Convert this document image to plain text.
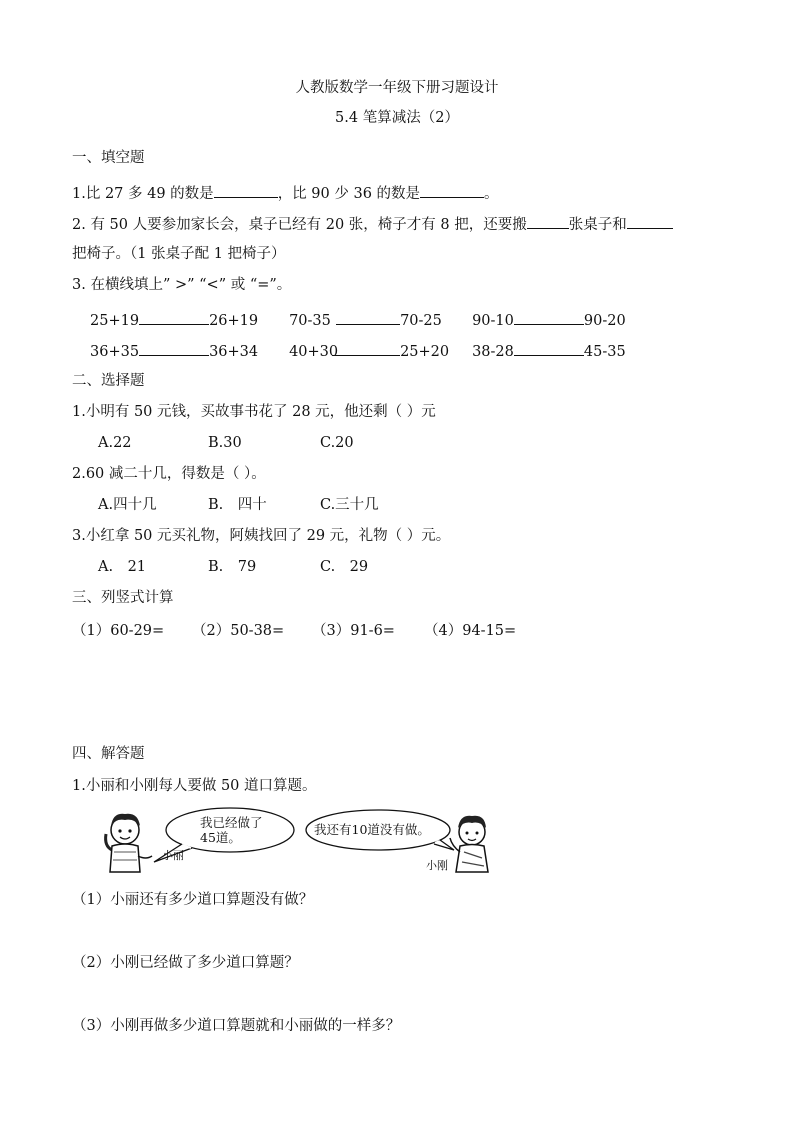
人教版数学一年级下册习题设计
5.4 笔算减法（2）
一、填空题
1.比 27 多 49 的数是	，比 90 少 36 的数是	。
2. 有 50 人要参加家长会，桌子已经有 20 张，椅子才有 8 把，还要搬	张桌子和
把椅子。（1 张桌子配 1 把椅子）
3. 在横线填上” >” “<” 或 “=”。
25+19	26+19 70-35	70-25 90-10	90-20
36+35	36+34 40+30	25+20 38-28	45-35
二、选择题
1.小明有 50 元钱，买故事书花了 28 元，他还剩（ ）元
A.22	B.30	C.20
2.60 减二十几，得数是（ ）。
A.四十几	B.　四十	C.三十几
3.小红拿 50 元买礼物，阿姨找回了 29 元，礼物（ ）元。
A.　21	B.　79	C.　29
三、列竖式计算
（1）60-29= （2）50-38= （3）91-6= （4）94-15=
四、解答题
1.小丽和小刚每人要做 50 道口算题。
我已经做了
45道。
我还有10道没有做。
小丽
小刚
（1）小丽还有多少道口算题没有做？
（2）小刚已经做了多少道口算题？
（3）小刚再做多少道口算题就和小丽做的一样多？
